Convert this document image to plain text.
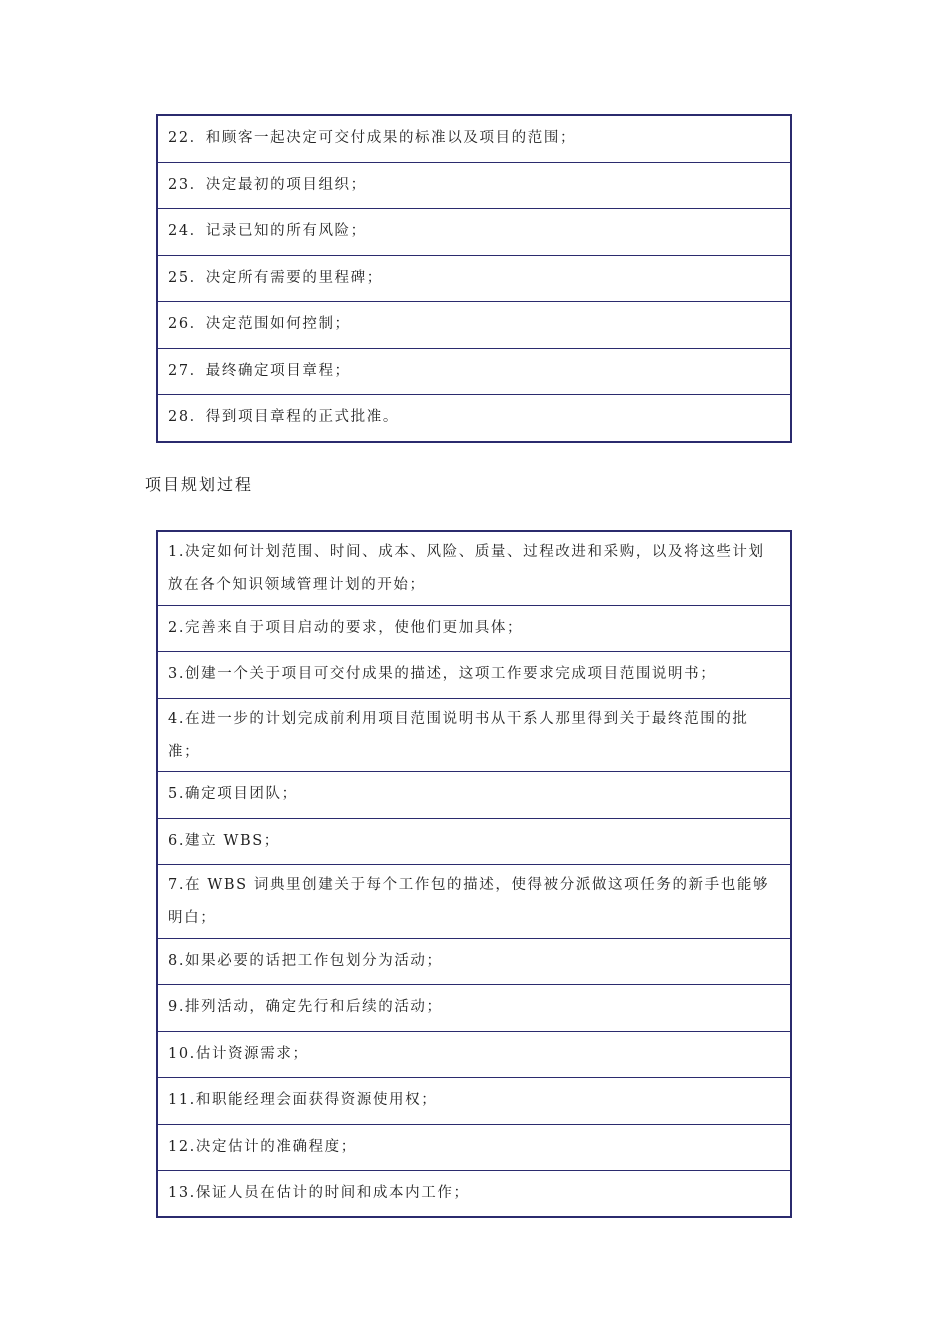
22．和顾客一起决定可交付成果的标准以及项目的范围；
23．决定最初的项目组织；
24．记录已知的所有风险；
25．决定所有需要的里程碑；
26．决定范围如何控制；
27．最终确定项目章程；
28．得到项目章程的正式批准。
项目规划过程
1.决定如何计划范围、时间、成本、风险、质量、过程改进和采购，以及将这些计划放在各个知识领域管理计划的开始；
2.完善来自于项目启动的要求，使他们更加具体；
3.创建一个关于项目可交付成果的描述，这项工作要求完成项目范围说明书；
4.在进一步的计划完成前利用项目范围说明书从干系人那里得到关于最终范围的批准；
5.确定项目团队；
6.建立 WBS；
7.在 WBS 词典里创建关于每个工作包的描述，使得被分派做这项任务的新手也能够明白；
8.如果必要的话把工作包划分为活动；
9.排列活动，确定先行和后续的活动；
10.估计资源需求；
11.和职能经理会面获得资源使用权；
12.决定估计的准确程度；
13.保证人员在估计的时间和成本内工作；
